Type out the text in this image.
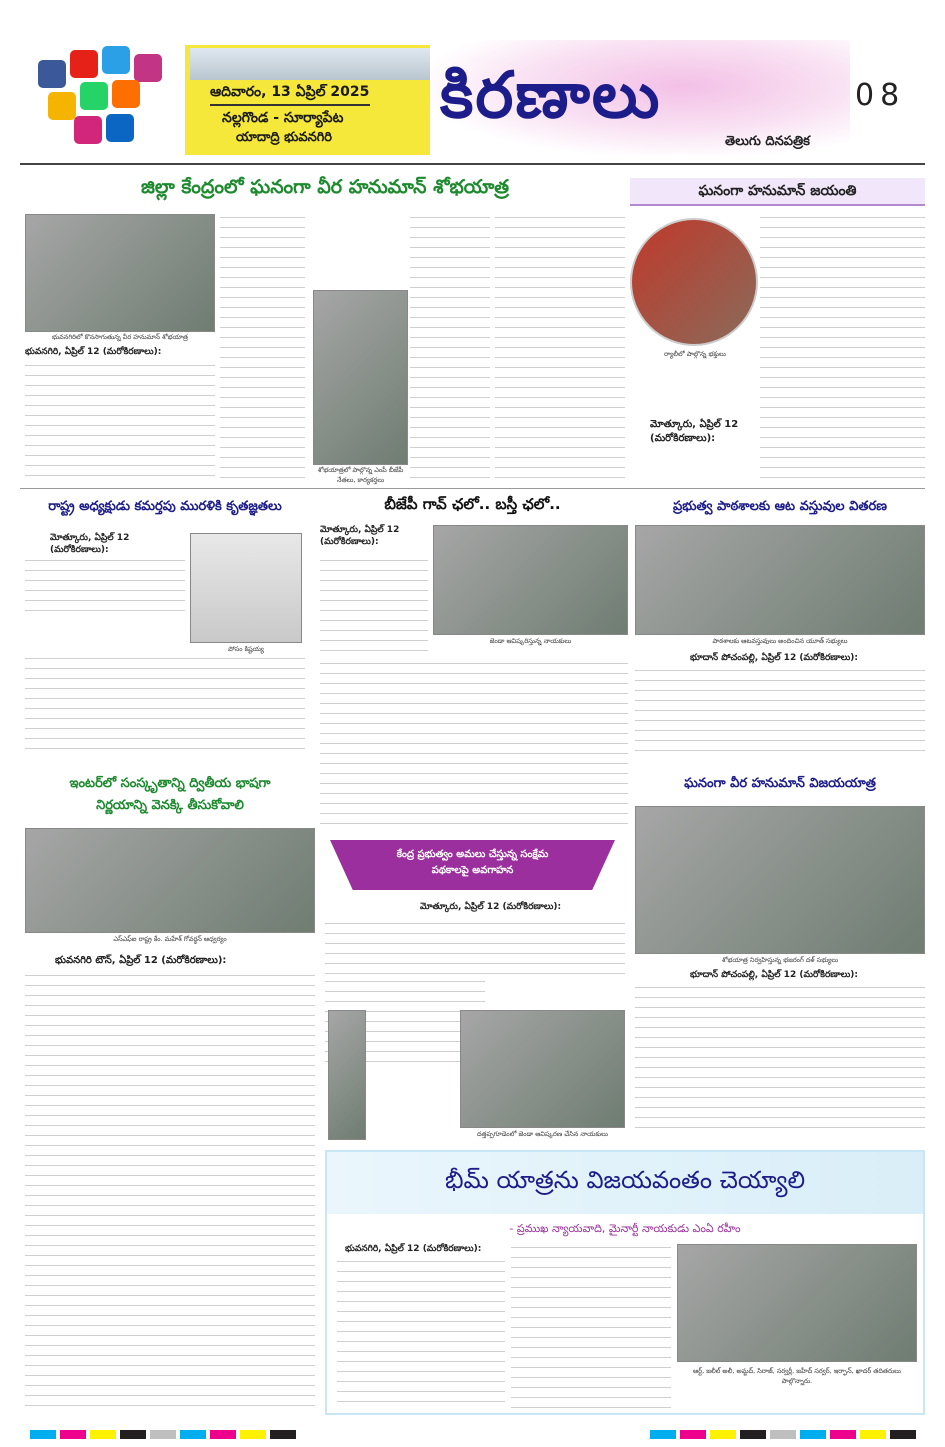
ఆదివారం, 13 ఏప్రిల్ 2025
నల్లగొండ - సూర్యాపేట
యాదాద్రి భువనగిరి
కిరణాలు
తెలుగు దినపత్రిక
08
జిల్లా కేంద్రంలో ఘనంగా వీర హనుమాన్ శోభయాత్ర
భువనగిరిలో కొనసాగుతున్న వీర హనుమాన్ శోభయాత్ర
భువనగిరి, ఏప్రిల్ 12 (మరోకిరణాలు):
శోభయాత్రలో పాల్గొన్న ఎంపీ బీజేపీ నేతలు, కార్యకర్తలు
ఘనంగా హనుమాన్ జయంతి
ర్యాలీలో పాల్గొన్న భక్తులు
మోత్కూరు, ఏప్రిల్ 12 (మరోకిరణాలు):
రాష్ట్ర అధ్యక్షుడు కమర్తపు మురళికి కృతజ్ఞతలు
మోత్కూరు, ఏప్రిల్ 12 (మరోకిరణాలు):
పోసం కిష్టయ్య
బీజేపీ గావ్ ఛలో.. బస్తీ ఛలో..
మోత్కూరు, ఏప్రిల్ 12 (మరోకిరణాలు):
జెండా ఆవిష్కరిస్తున్న నాయకులు
ప్రభుత్వ పాఠశాలకు ఆట వస్తువుల వితరణ
పాఠశాలకు ఆటవస్తువులు అందించిన యూత్ సభ్యులు
భూదాన్ పోచంపల్లి, ఏప్రిల్ 12 (మరోకిరణాలు):
ఇంటర్‌లో సంస్కృతాన్ని ద్వితీయ భాషగా
నిర్ణయాన్ని వెనక్కి తీసుకోవాలి
ఎస్ఎఫ్ఐ రాష్ట్ర కేం. మహేశ్ గోవర్థన్ ఆధ్వర్యం
భువనగిరి టౌన్, ఏప్రిల్ 12 (మరోకిరణాలు):
కేంద్ర ప్రభుత్వం అమలు చేస్తున్న సంక్షేమ
పథకాలపై అవగాహన
మోత్కూరు, ఏప్రిల్ 12 (మరోకిరణాలు):
దత్తప్పగూడెంలో జెండా ఆవిష్కరణ చేసిన నాయకులు
ఘనంగా వీర హనుమాన్ విజయయాత్ర
శోభయాత్ర నిర్వహిస్తున్న భజరంగ్ దళ్ సభ్యులు
భూదాన్ పోచంపల్లి, ఏప్రిల్ 12 (మరోకిరణాలు):
భీమ్ యాత్రను విజయవంతం చెయ్యాలి
- ప్రముఖ న్యాయవాది, మైనార్టీ నాయకుడు ఎంఏ రహీం
భువనగిరి, ఏప్రిల్ 12 (మరోకిరణాలు):
ఆర్ట్, జలీల్ అలీ, అమ్జద్, సిరాజ్, సర్వర్లీ, జహీద్ సర్వర్, ఇర్ఫాన్, ఖాదర్ తదితరులు పాల్గొన్నారు.
